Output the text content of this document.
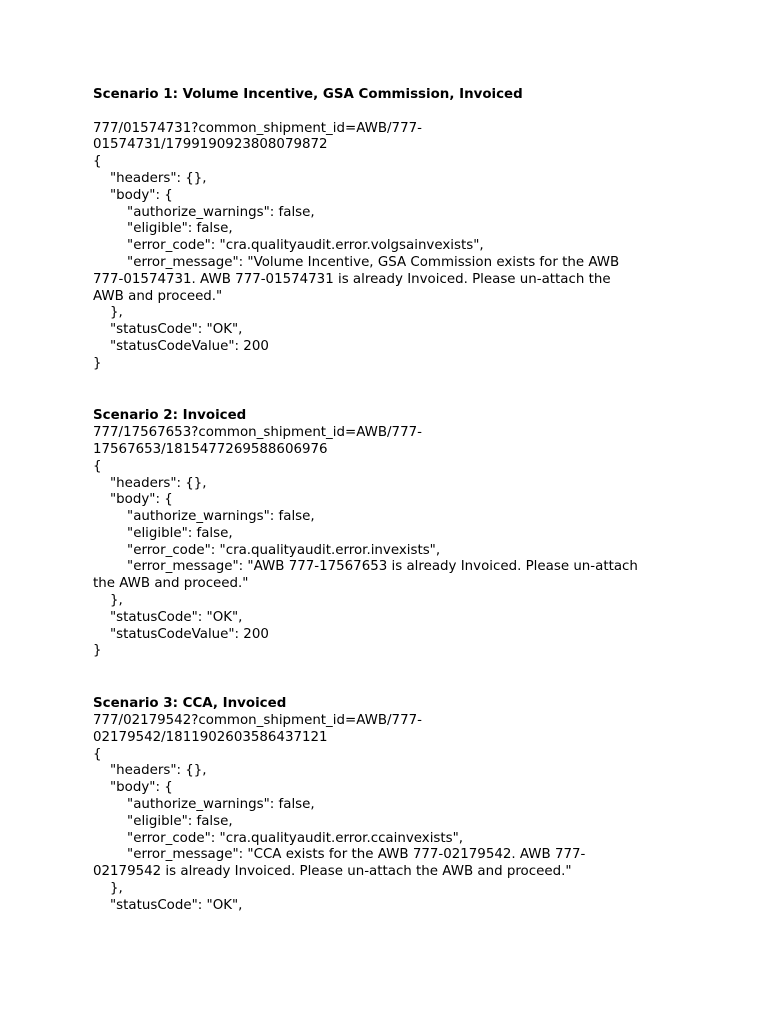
Scenario 1: Volume Incentive, GSA Commission, Invoiced
777/01574731?common_shipment_id=AWB/777-
01574731/1799190923808079872
{
"headers": {},
"body": {
"authorize_warnings": false,
"eligible": false,
"error_code": "cra.qualityaudit.error.volgsainvexists",
"error_message": "Volume Incentive, GSA Commission exists for the AWB
777-01574731. AWB 777-01574731 is already Invoiced. Please un-attach the
AWB and proceed."
},
"statusCode": "OK",
"statusCodeValue": 200
}
Scenario 2: Invoiced
777/17567653?common_shipment_id=AWB/777-
17567653/1815477269588606976
{
"headers": {},
"body": {
"authorize_warnings": false,
"eligible": false,
"error_code": "cra.qualityaudit.error.invexists",
"error_message": "AWB 777-17567653 is already Invoiced. Please un-attach
the AWB and proceed."
},
"statusCode": "OK",
"statusCodeValue": 200
}
Scenario 3: CCA, Invoiced
777/02179542?common_shipment_id=AWB/777-
02179542/1811902603586437121
{
"headers": {},
"body": {
"authorize_warnings": false,
"eligible": false,
"error_code": "cra.qualityaudit.error.ccainvexists",
"error_message": "CCA exists for the AWB 777-02179542. AWB 777-
02179542 is already Invoiced. Please un-attach the AWB and proceed."
},
"statusCode": "OK",
